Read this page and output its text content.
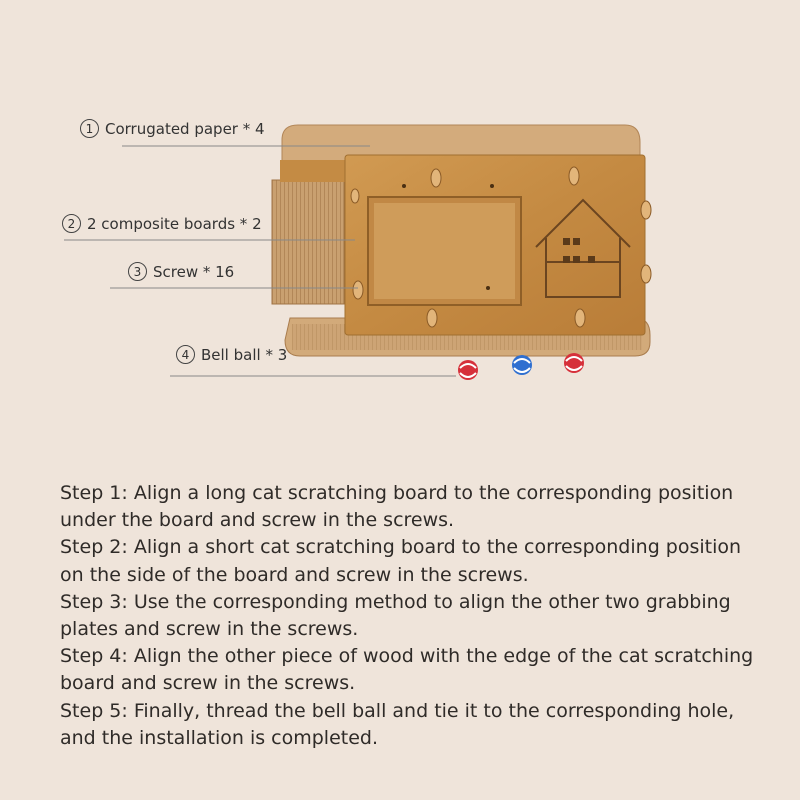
1 Corrugated paper * 4
2 2 composite boards * 2
3 Screw * 16
4 Bell ball * 3

Step 1: Align a long cat scratching board to the corresponding position under the board and screw in the screws.

Step 2: Align a short cat scratching board to the corresponding position on the side of the board and screw in the screws.

Step 3: Use the corresponding method to align the other two grabbing plates and screw in the screws.

Step 4: Align the other piece of wood with the edge of the cat scratching board and screw in the screws.

Step 5: Finally, thread the bell ball and tie it to the corresponding hole, and the installation is completed.
